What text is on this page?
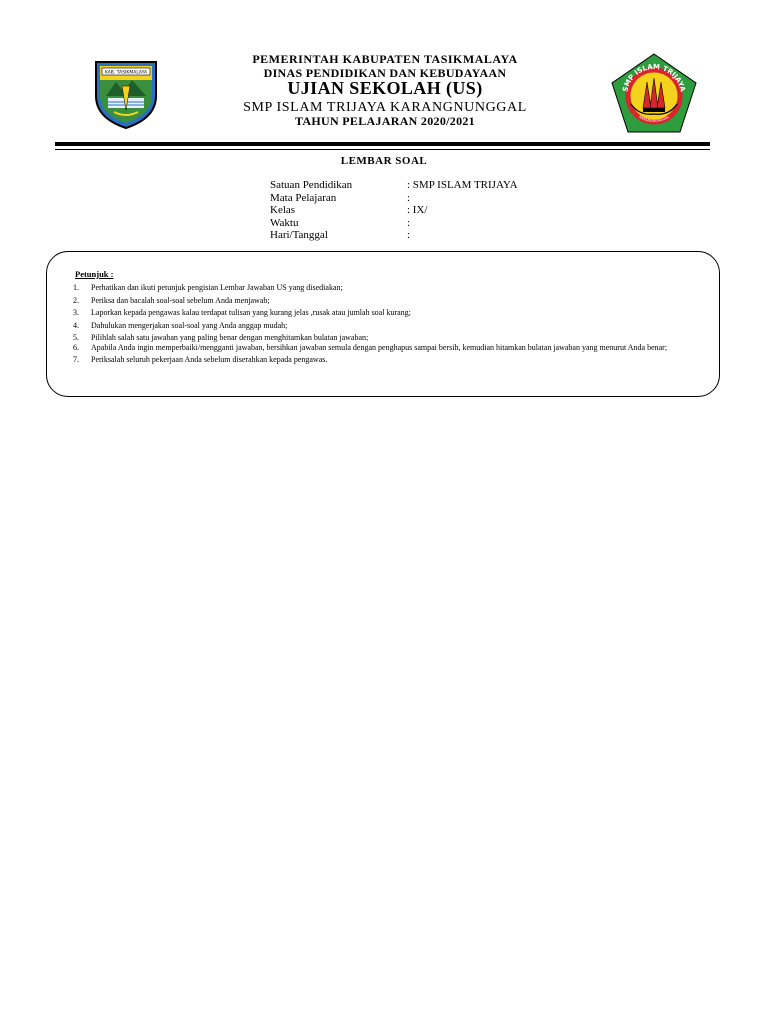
KAB. TASIKMALAYA
PEMERINTAH KABUPATEN TASIKMALAYA
DINAS PENDIDIKAN DAN KEBUDAYAAN
UJIAN SEKOLAH (US)
SMP ISLAM TRIJAYA KARANGNUNGGAL
TAHUN PELAJARAN 2020/2021
SMP ISLAM TRIJAYA
KARANGNUNGGAL
LEMBAR SOAL
Satuan Pendidikan	: SMP ISLAM TRIJAYA
Mata Pelajaran	:
Kelas	: IX/
Waktu	:
Hari/Tanggal	:
Petunjuk :
1.	Perhatikan dan ikuti petunjuk pengisian Lembar Jawaban US yang disediakan;
2.	Periksa dan bacalah soal-soal sebelum Anda menjawab;
3.	Laporkan kepada pengawas kalau terdapat tulisan yang kurang jelas ,rusak atau jumlah soal kurang;
4.	Dahulukan mengerjakan soal-soal yang Anda anggap mudah;
5.	Pilihlah salah satu jawaban yang paling benar dengan menghitamkan bulatan jawaban;
6.	Apabila Anda ingin memperbaiki/mengganti jawaban, bersihkan jawaban semula dengan penghapus sampai bersih, kemudian hitamkan bulatan jawaban yang menurut Anda benar;
7.	Periksalah seluruh pekerjaan Anda sebelum diserahkan kepada pengawas.
